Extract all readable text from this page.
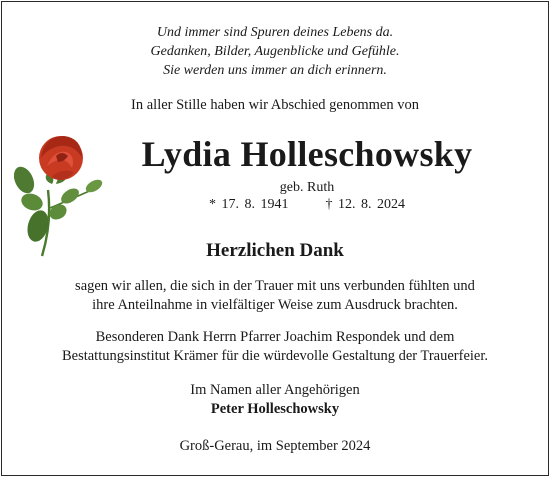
Und immer sind Spuren deines Lebens da.
Gedanken, Bilder, Augenblicke und Gefühle.
Sie werden uns immer an dich erinnern.
In aller Stille haben wir Abschied genommen von
Lydia Holleschowsky
geb. Ruth
* 17. 8. 1941	† 12. 8. 2024
Herzlichen Dank
sagen wir allen, die sich in der Trauer mit uns verbunden fühlten und
ihre Anteilnahme in vielfältiger Weise zum Ausdruck brachten.
Besonderen Dank Herrn Pfarrer Joachim Respondek und dem
Bestattungsinstitut Krämer für die würdevolle Gestaltung der Trauerfeier.
Im Namen aller Angehörigen
Peter Holleschowsky
Groß-Gerau, im September 2024
